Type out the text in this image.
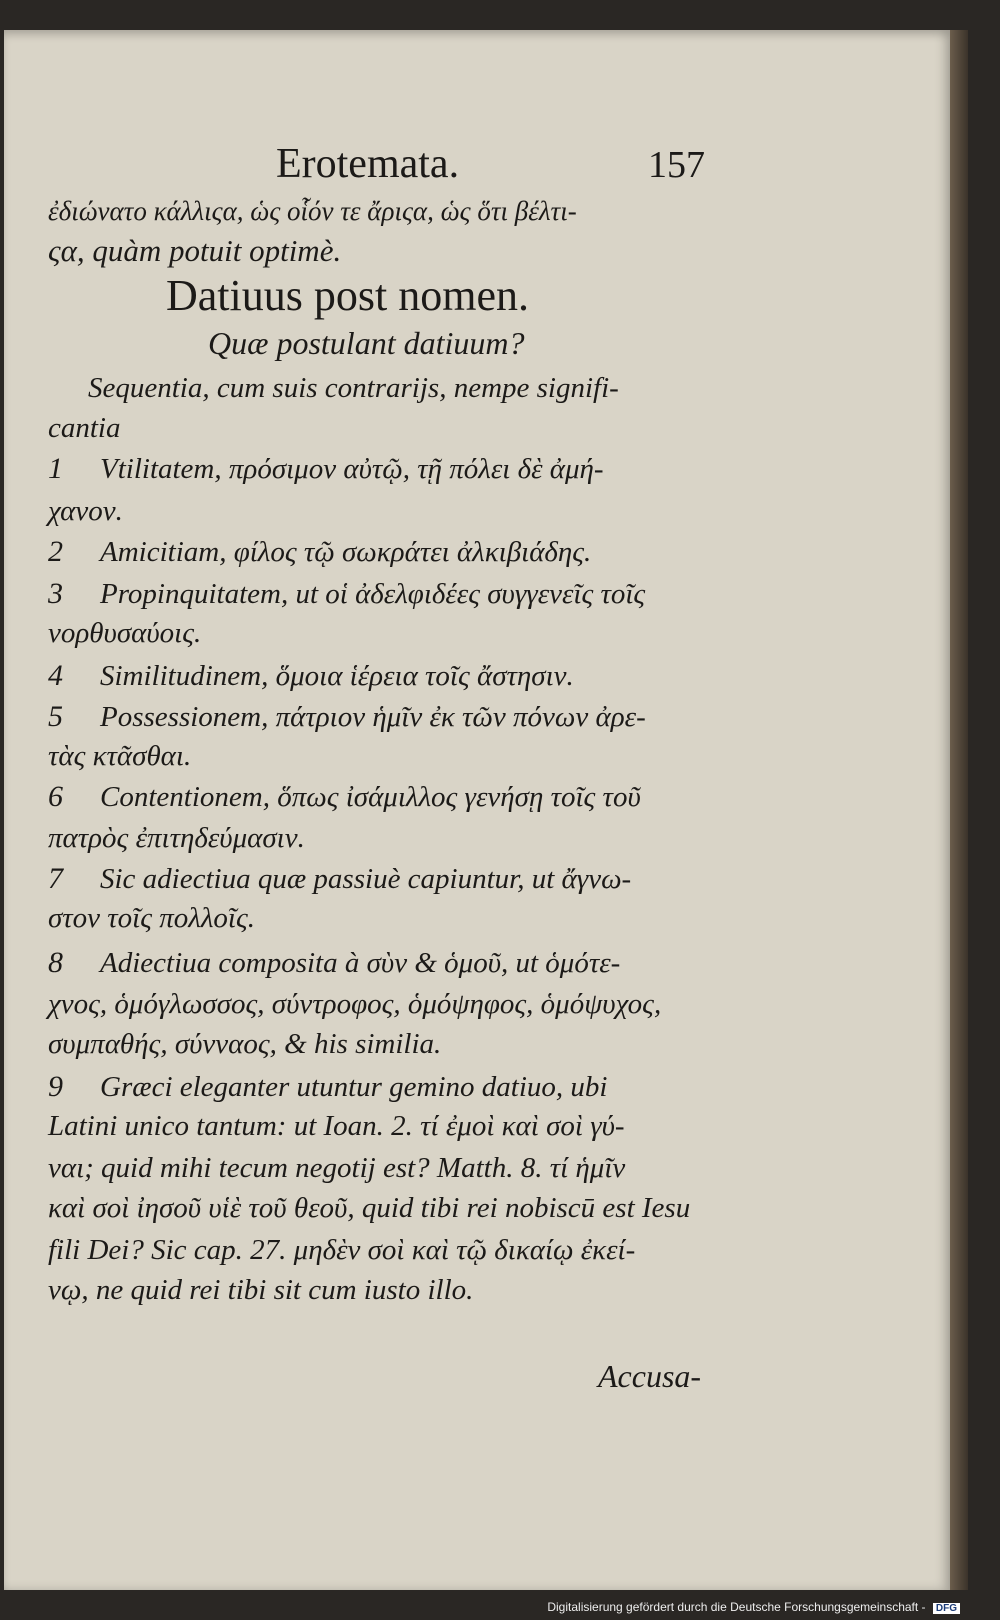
Erotemata.	157
ἐδιώνατο κάλλιςα, ὡς οἷόν τε ἄριςα, ὡς ὅτι βέλτι-
ςα, quàm potuit optimè.
Datiuus post nomen.
Quæ postulant datiuum?
Sequentia, cum suis contrarijs, nempe signifi-
cantia
1 Vtilitatem, πρόσιμον αὐτῷ, τῇ πόλει δὲ ἀμή-
χανον.
2 Amicitiam, φίλος τῷ σωκράτει ἀλκιβιάδης.
3 Propinquitatem, ut οἱ ἀδελφιδέες συγγενεῖς τοῖς
νορθυσαύοις.
4 Similitudinem, ὅμοια ἱέρεια τοῖς ἄστησιν.
5 Possessionem, πάτριον ἡμῖν ἐκ τῶν πόνων ἀρε-
τὰς κτᾶσθαι.
6 Contentionem, ὅπως ἰσάμιλλος γενήσῃ τοῖς τοῦ
πατρὸς ἐπιτηδεύμασιν.
7 Sic adiectiua quæ passiuè capiuntur, ut ἄγνω-
στον τοῖς πολλοῖς.
8 Adiectiua composita à σὺν & ὁμοῦ, ut ὁμότε-
χνος, ὁμόγλωσσος, σύντροφος, ὁμόψηφος, ὁμόψυχος,
συμπαθής, σύνναος, & his similia.
9 Græci eleganter utuntur gemino datiuo, ubi
Latini unico tantum: ut Ioan. 2. τί ἐμοὶ καὶ σοὶ γύ-
ναι; quid mihi tecum negotij est? Matth. 8. τί ἡμῖν
καὶ σοὶ ἰησοῦ υἱὲ τοῦ θεοῦ, quid tibi rei nobiscū est Iesu
fili Dei? Sic cap. 27. μηδὲν σοὶ καὶ τῷ δικαίῳ ἐκεί-
νῳ, ne quid rei tibi sit cum iusto illo.
Accusa-
Digitalisierung gefördert durch die Deutsche Forschungsgemeinschaft - DFG
